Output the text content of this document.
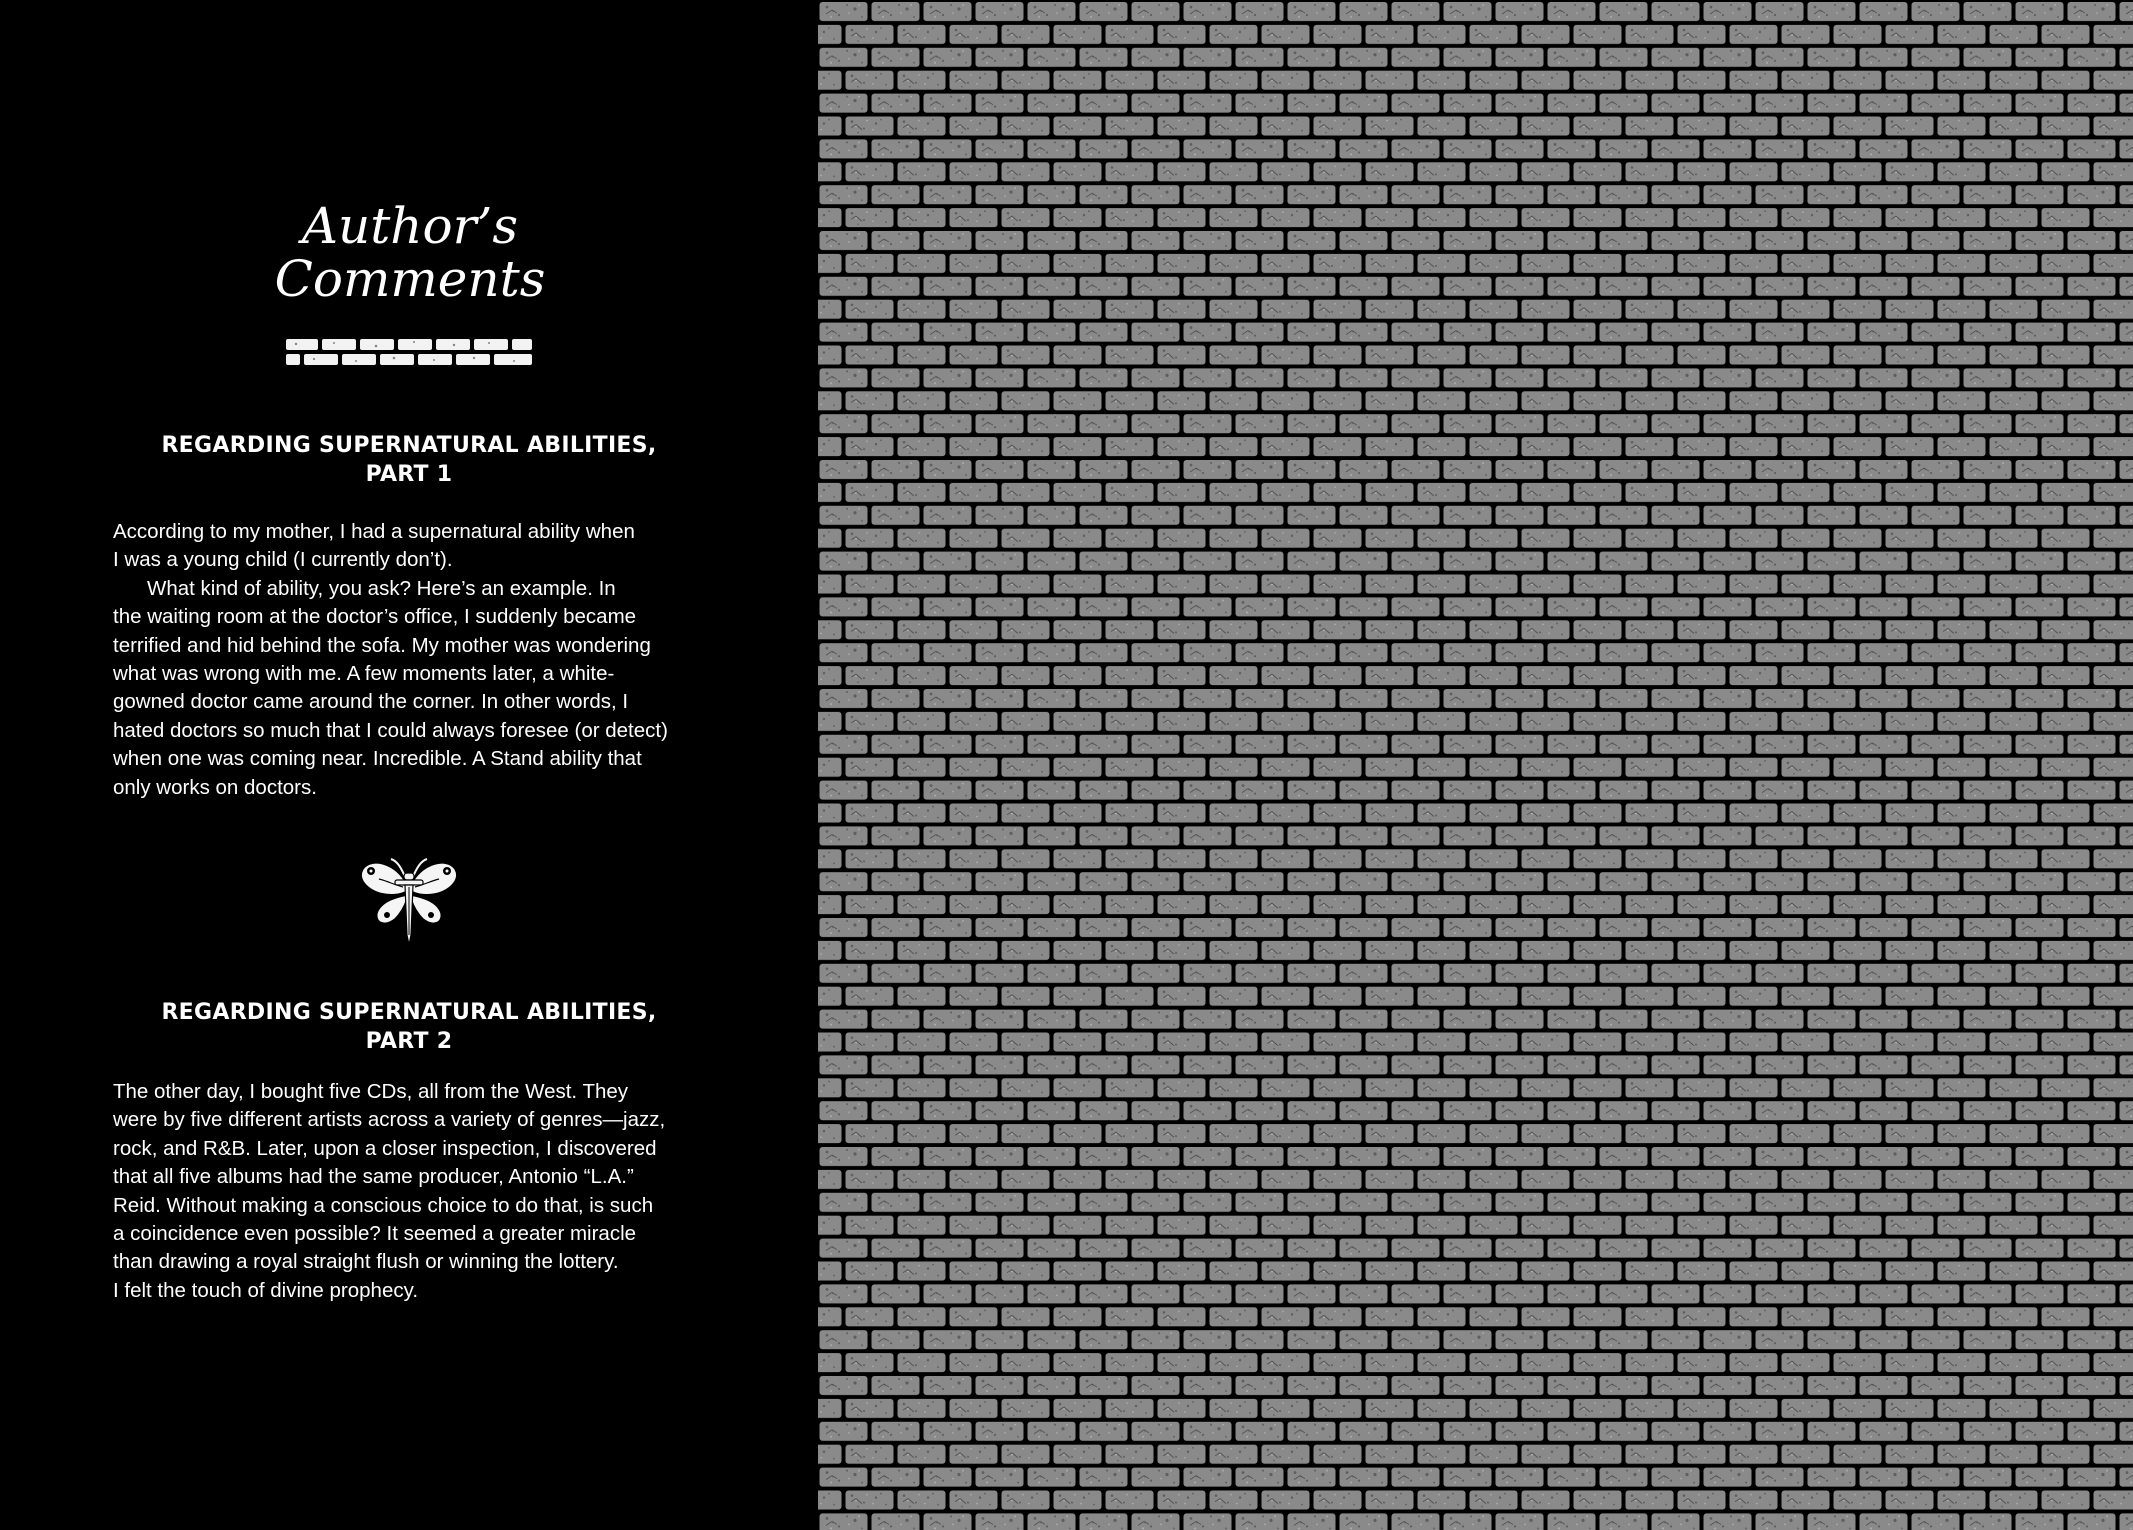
Author’s
Comments
REGARDING SUPERNATURAL ABILITIES,
PART 1
According to my mother, I had a supernatural ability when
I was a young child (I currently don’t).
What kind of ability, you ask? Here’s an example. In
the waiting room at the doctor’s office, I suddenly became
terrified and hid behind the sofa. My mother was wondering
what was wrong with me. A few moments later, a white-
gowned doctor came around the corner. In other words, I
hated doctors so much that I could always foresee (or detect)
when one was coming near. Incredible. A Stand ability that
only works on doctors.
REGARDING SUPERNATURAL ABILITIES,
PART 2
The other day, I bought five CDs, all from the West. They
were by five different artists across a variety of genres—jazz,
rock, and R&B. Later, upon a closer inspection, I discovered
that all five albums had the same producer, Antonio “L.A.”
Reid. Without making a conscious choice to do that, is such
a coincidence even possible? It seemed a greater miracle
than drawing a royal straight flush or winning the lottery.
I felt the touch of divine prophecy.
